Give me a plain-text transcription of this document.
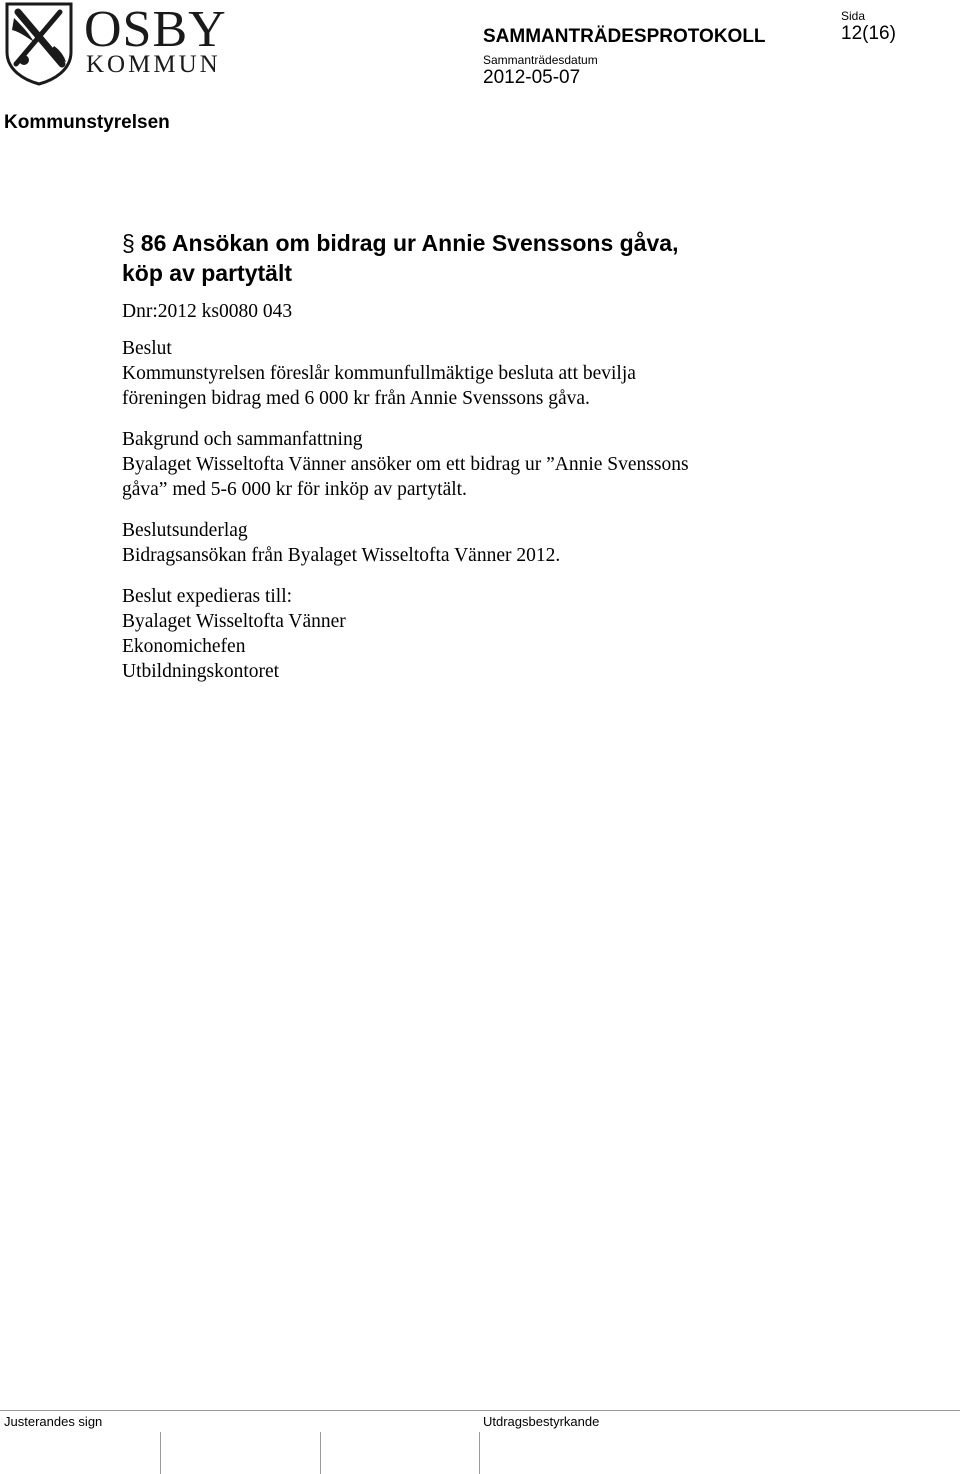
OSBY
KOMMUN
SAMMANTRÄDESPROTOKOLL
Sammanträdesdatum
2012-05-07
Sida
12(16)
Kommunstyrelsen
§ 86 Ansökan om bidrag ur Annie Svenssons gåva,
köp av partytält

Dnr:2012 ks0080 043

Beslut

Kommunstyrelsen föreslår kommunfullmäktige besluta att bevilja

föreningen bidrag med 6 000 kr från Annie Svenssons gåva.

Bakgrund och sammanfattning

Byalaget Wisseltofta Vänner ansöker om ett bidrag ur ”Annie Svenssons

gåva” med 5-6 000 kr för inköp av partytält.

Beslutsunderlag

Bidragsansökan från Byalaget Wisseltofta Vänner 2012.

Beslut expedieras till:

Byalaget Wisseltofta Vänner

Ekonomichefen

Utbildningskontoret

Justerandes sign	Utdragsbestyrkande
